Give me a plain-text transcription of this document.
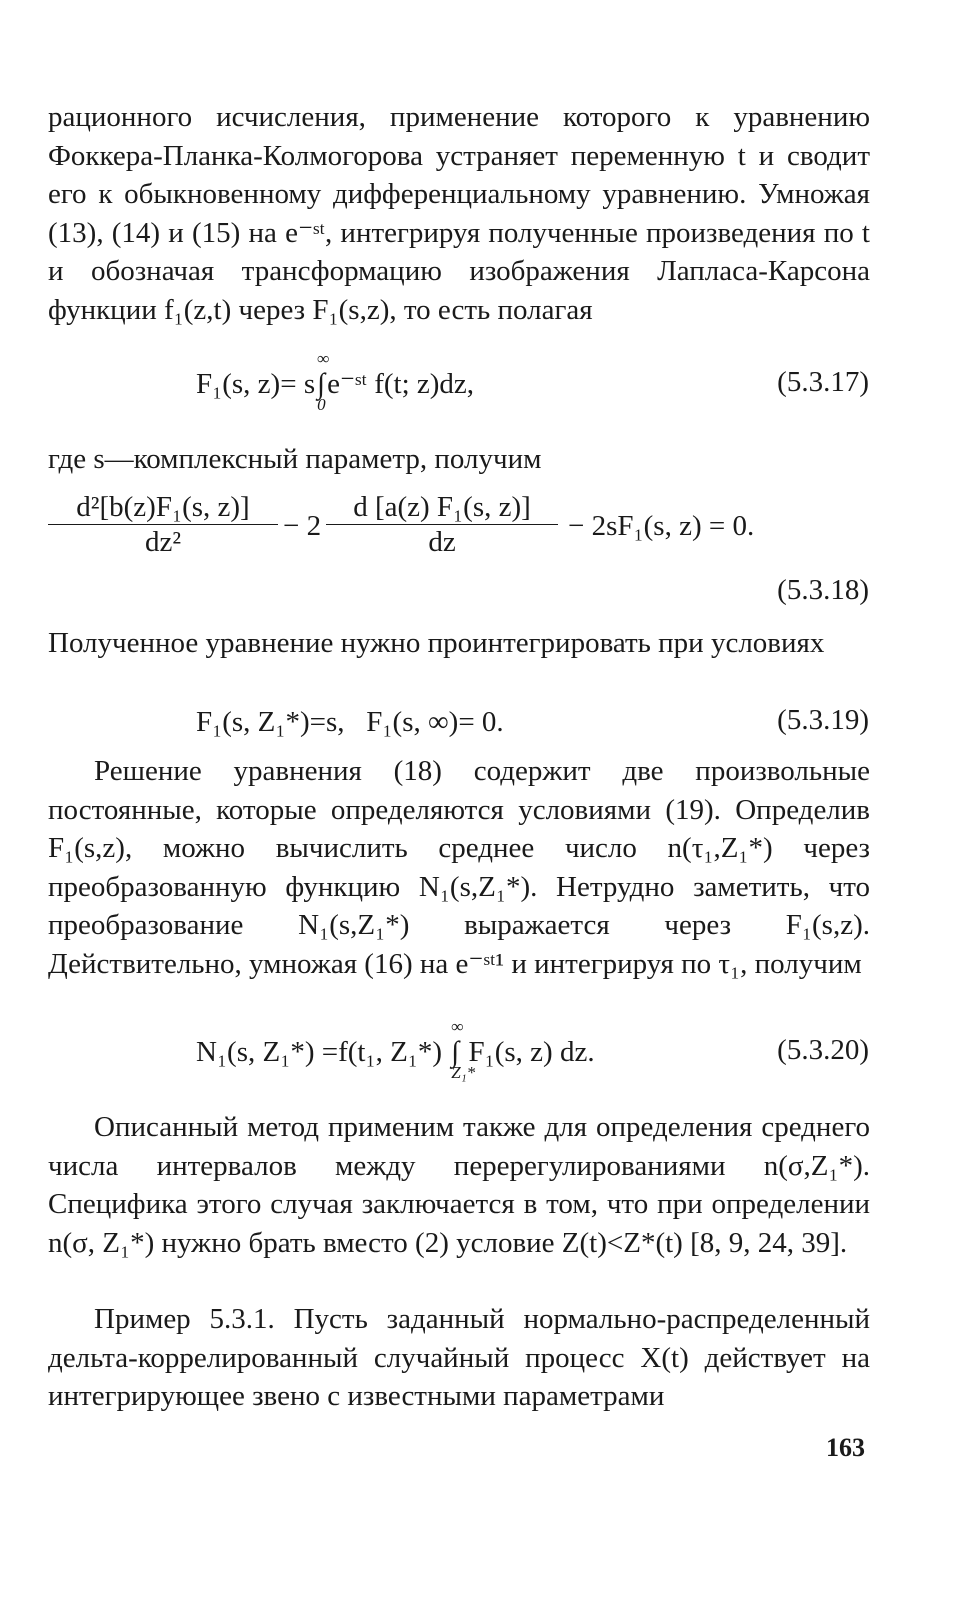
рационного исчисления, применение которого к уравнению Фоккера-Планка-Колмогорова устраняет переменную t и сводит его к обыкновенному дифференциальному уравнению. Умножая (13), (14) и (15) на e⁻ˢᵗ, интегрируя полученные произведения по t и обозначая трансформацию изображения Лапласа-Карсона функции f₁(z,t) через F₁(s,z), то есть полагая

F₁(s, z)= s
∞
∫
0
e⁻ˢᵗ f(t; z)dz,	(5.3.17)

где s—комплексный параметр, получим

d²[b(z)F₁(s, z)]
dz²	− 2
d [a(z) F₁(s, z)]
dz	− 2sF₁(s, z) = 0.
(5.3.18)

Полученное уравнение нужно проинтегрировать при условиях

F₁(s, Z₁*)=s,   F₁(s, ∞)= 0.	(5.3.19)

Решение уравнения (18) содержит две произвольные постоянные, которые определяются условиями (19). Определив F₁(s,z), можно вычислить среднее число n(τ₁,Z₁*) через преобразованную функцию N₁(s,Z₁*). Нетрудно заметить, что преобразование N₁(s,Z₁*) выражается через F₁(s,z). Действительно, умножая (16) на e⁻ˢᵗ¹ и интегрируя по τ₁, получим

N₁(s, Z₁*) =f(t₁, Z₁*)
∞
∫
Z₁*
F₁(s, z) dz.	(5.3.20)

Описанный метод применим также для определения среднего числа интервалов между перерегулированиями n(σ,Z₁*). Специфика этого случая заключается в том, что при определении n(σ, Z₁*) нужно брать вместо (2) условие Z(t)<Z*(t) [8, 9, 24, 39].

Пример 5.3.1. Пусть заданный нормально-распределенный дельта-коррелированный случайный процесс X(t) действует на интегрирующее звено с известными параметрами

163
